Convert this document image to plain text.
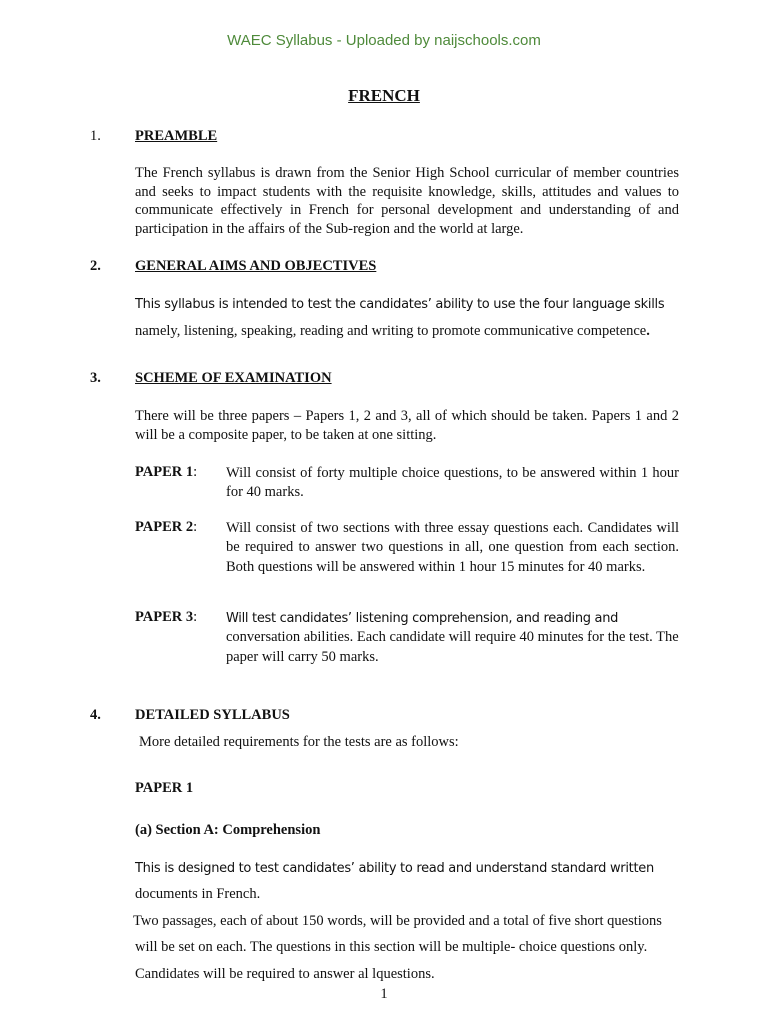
WAEC Syllabus - Uploaded by naijschools.com
FRENCH
1. PREAMBLE
The French syllabus is drawn from the Senior High School curricular of member countries and seeks to impact students with the requisite knowledge, skills, attitudes and values to communicate effectively in French for personal development and understanding of and participation in the affairs of the Sub-region and the world at large.
2. GENERAL AIMS AND OBJECTIVES
This syllabus is intended to test the candidates’ ability to use the four language skills
namely, listening, speaking, reading and writing to promote communicative competence.
3. SCHEME OF EXAMINATION
There will be three papers – Papers 1, 2 and 3, all of which should be taken. Papers 1 and 2 will be a composite paper, to be taken at one sitting.
PAPER 1: Will consist of forty multiple choice questions, to be answered within 1 hour for 40 marks.
PAPER 2: Will consist of two sections with three essay questions each. Candidates will be required to answer two questions in all, one question from each section. Both questions will be answered within 1 hour 15 minutes for 40 marks.
PAPER 3: Will test candidates’ listening comprehension, and reading and
conversation abilities. Each candidate will require 40 minutes for the test. The paper will carry 50 marks.
4. DETAILED SYLLABUS
More detailed requirements for the tests are as follows:
PAPER 1
(a) Section A: Comprehension
This is designed to test candidates’ ability to read and understand standard written
documents in French.
Two passages, each of about 150 words, will be provided and a total of five short questions
will be set on each. The questions in this section will be multiple- choice questions only.
Candidates will be required to answer al lquestions.
1
